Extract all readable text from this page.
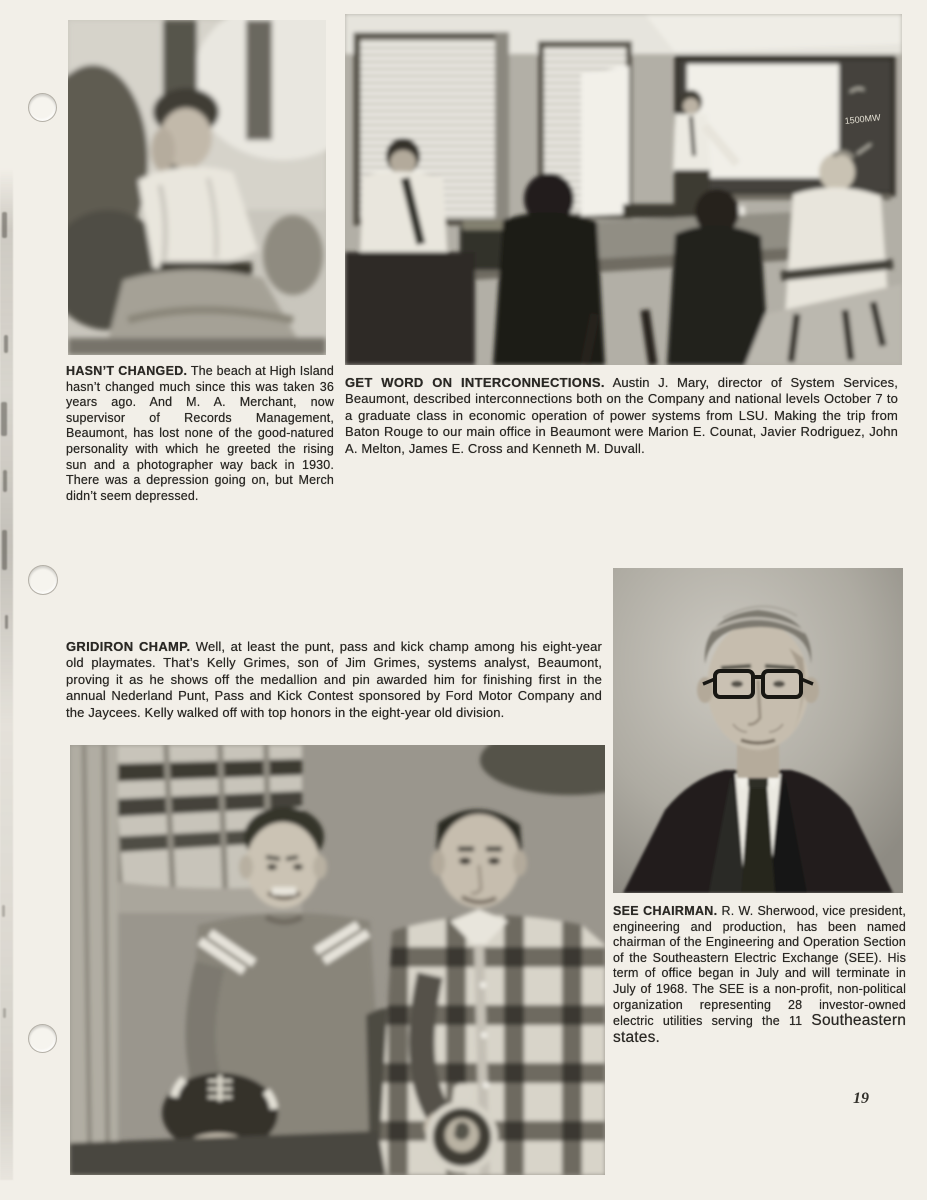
HASN’T CHANGED. The beach at High Island hasn’t changed much since this was taken 36 years ago. And M. A. Merchant, now supervisor of Records Management, Beaumont, has lost none of the good-natured personality with which he greeted the rising sun and a photographer way back in 1930. There was a depression going on, but Merch didn’t seem depressed.

1500MW

GET WORD ON INTERCONNECTIONS. Austin J. Mary, director of System Services, Beaumont, described interconnections both on the Company and national levels October 7 to a graduate class in economic operation of power systems from LSU. Making the trip from Baton Rouge to our main office in Beaumont were Marion E. Counat, Javier Rodriguez, John A. Melton, James E. Cross and Kenneth M. Duvall.

GRIDIRON CHAMP. Well, at least the punt, pass and kick champ among his eight-year old playmates. That’s Kelly Grimes, son of Jim Grimes, systems analyst, Beaumont, proving it as he shows off the medallion and pin awarded him for finishing first in the annual Nederland Punt, Pass and Kick Contest sponsored by Ford Motor Company and the Jaycees. Kelly walked off with top honors in the eight-year old division.

SEE CHAIRMAN. R. W. Sherwood, vice president, engineering and production, has been named chairman of the Engineering and Operation Section of the Southeastern Electric Exchange (SEE). His term of office began in July and will terminate in July of 1968. The SEE is a non-profit, non-political organization representing 28 investor-owned electric utilities serving the 11 Southeastern states.

19
